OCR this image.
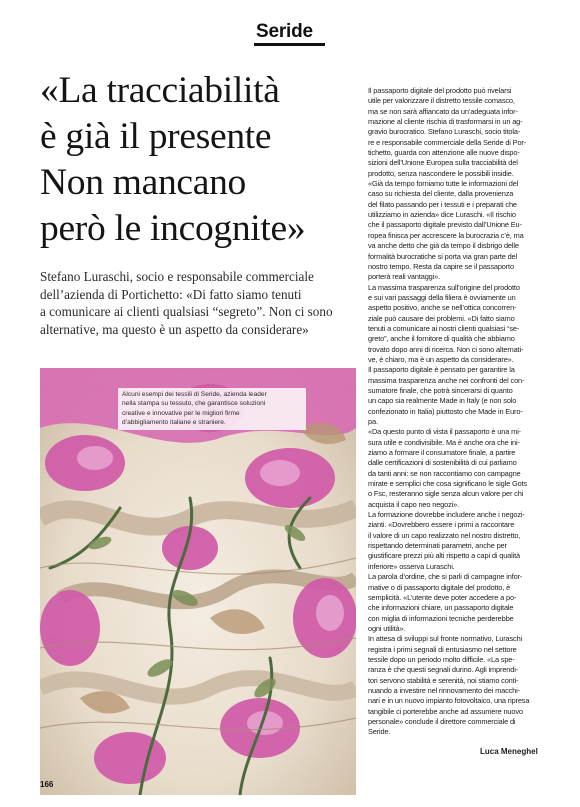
Seride
«La tracciabilità
è già il presente
Non mancano
però le incognite»

Stefano Luraschi, socio e responsabile commerciale
dell’azienda di Portichetto: «Di fatto siamo tenuti
a comunicare ai clienti qualsiasi “segreto”. Non ci sono
alternative, ma questo è un aspetto da considerare»

Alcuni esempi dei tessili di Seride, azienda leader
nella stampa su tessuto, che garantisce soluzioni
creative e innovative per le migliori firme
d’abbigliamento italiane e straniere.

166
Il passaporto digitale del prodotto può rivelarsi
utile per valorizzare il distretto tessile comasco,
ma se non sarà affiancato da un’adeguata infor-
mazione al cliente rischia di trasformarsi in un ag-
gravio burocratico. Stefano Luraschi, socio titola-
re e responsabile commerciale della Seride di Por-
tichetto, guarda con attenzione alle nuove dispo-
sizioni dell’Unione Europea sulla tracciabilità del
prodotto, senza nascondere le possibili insidie.
«Già da tempo forniamo tutte le informazioni del
caso su richiesta del cliente, dalla provenienza
del filato passando per i tessuti e i preparati che
utilizziamo in azienda» dice Luraschi. «Il rischio
che il passaporto digitale previsto dall’Unione Eu-
ropea finisca per accrescere la burocrazia c’è, ma
va anche detto che già da tempo il disbrigo delle
formalità burocratiche si porta via gran parte del
nostro tempo. Resta da capire se il passaporto
porterà reali vantaggi».
La massima trasparenza sull’origine del prodotto
e sui vari passaggi della filiera è ovviamente un
aspetto positivo, anche se nell’ottica concorren-
ziale può causare dei problemi. «Di fatto siamo
tenuti a comunicare ai nostri clienti qualsiasi “se-
greto”, anche il fornitore di qualità che abbiamo
trovato dopo anni di ricerca. Non ci sono alternati-
ve, è chiaro, ma è un aspetto da considerare».
Il passaporto digitale è pensato per garantire la
massima trasparenza anche nei confronti del con-
sumatore finale, che potrà sincerarsi di quanto
un capo sia realmente Made in Italy (e non solo
confezionato in Italia) piuttosto che Made in Euro-
pa.
«Da questo punto di vista il passaporto è una mi-
sura utile e condivisibile. Ma è anche ora che ini-
ziamo a formare il consumatore finale, a partire
dalle certificazioni di sostenibilità di cui parliamo
da tanti anni: se non raccontiamo con campagne
mirate e semplici che cosa significano le sigle Gots
o Fsc, resteranno sigle senza alcun valore per chi
acquista il capo neo negozi».
La formazione dovrebbe includere anche i negozi-
zianti. «Dovrebbero essere i primi a raccontare
il valore di un capo realizzato nel nostro distretto,
rispettando determinati parametri, anche per
giustificare prezzi più alti rispetto a capi di qualità
inferiore» osserva Luraschi.
La parola d’ordine, che si parli di campagne infor-
mative o di passaporto digitale del prodotto, è
semplicità. «L’utente deve poter accedere a po-
che informazioni chiare, un passaporto digitale
con miglia di informazioni tecniche perderebbe
ogni utilità».
In attesa di sviluppi sul fronte normativo, Luraschi
registra i primi segnali di entusiasmo nel settore
tessile dopo un periodo molto difficile. «La spe-
ranza è che questi segnali durino. Agli imprendi-
tori servono stabilità e serenità, noi stiamo conti-
nuando a investire nel rinnovamento dei macchi-
nari e in un nuovo impianto fotovoltaico, una ripresa
tangibile ci porterebbe anche ad assumere nuovo
personale» conclude il direttore commerciale di
Seride.
Luca Meneghel
